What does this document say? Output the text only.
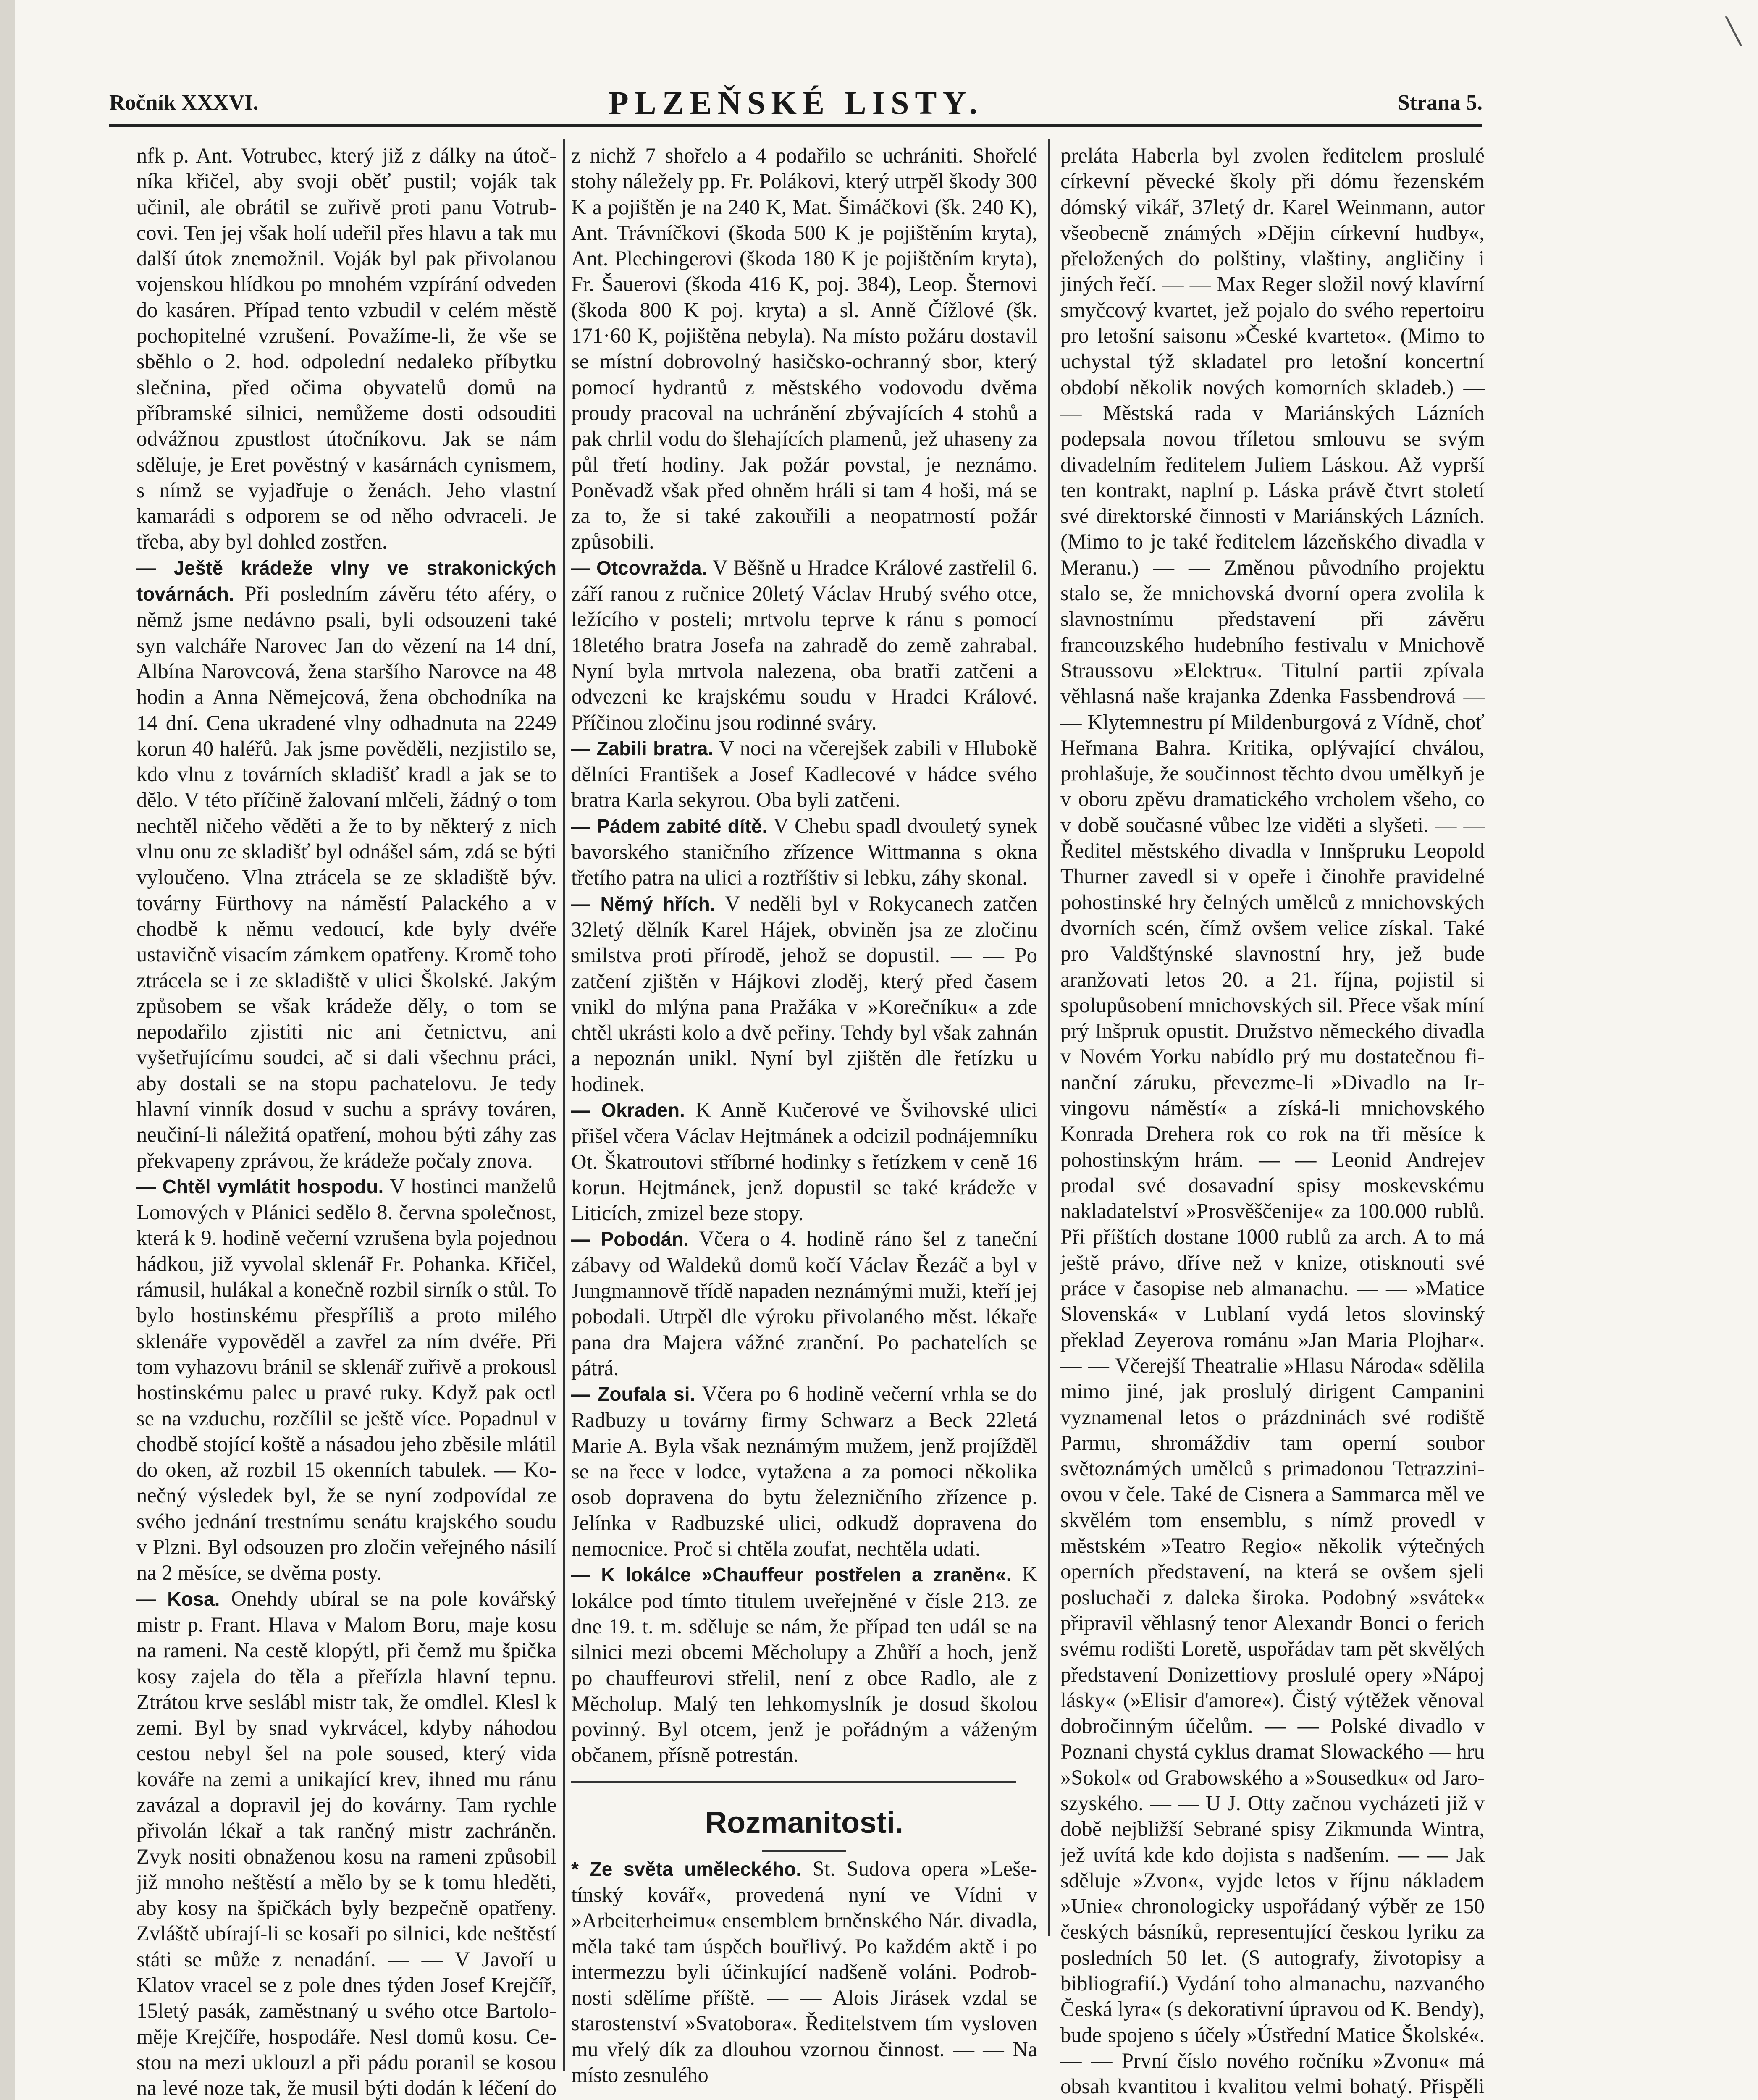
╲
Ročník XXXVI.	PLZEŇSKÉ LISTY.	Strana 5.

nfk p. Ant. Votrubec, který již z dálky na útočníka křičel, aby svoji oběť pustil; voják tak učinil, ale obrátil se zuřivě proti panu Votrubcovi. Ten jej však holí udeřil přes hlavu a tak mu další útok znemožnil. Voják byl pak přivolanou vojenskou hlídkou po mnohém vzpírání odveden do kasáren. Případ tento vzbudil v celém městě pochopitelné vzrušení. Považíme-li, že vše se sběhlo o 2. hod. odpolední nedaleko příbytku slečnina, před očima obyvatelů domů na příbramské silnici, nemůžeme dosti odsouditi odvážnou zpustlost útočníkovu. Jak se nám sděluje, je Eret pověstný v kasárnách cynismem, s nímž se vyjadřuje o ženách. Jeho vlastní kamarádi s odporem se od něho odvraceli. Je třeba, aby byl dohled zostřen.

— Ještě krádeže vlny ve strakonických továrnách. Při posledním závěru této aféry, o němž jsme nedávno psali, byli odsouzeni také syn valcháře Narovec Jan do vězení na 14 dní, Albína Narovcová, žena staršího Narovce na 48 hodin a Anna Němejcová, žena obchodníka na 14 dní. Cena ukradené vlny odhadnuta na 2249 korun 40 haléřů. Jak jsme pověděli, nezjistilo se, kdo vlnu z továrních skladišť kradl a jak se to dělo. V této příčině žalovaní mlčeli, žádný o tom nechtěl ničeho věděti a že to by některý z nich vlnu onu ze skladišť byl odnášel sám, zdá se býti vyloučeno. Vlna ztrácela se ze skladiště býv. továrny Fürthovy na náměstí Palackého a v chodbě k němu vedoucí, kde byly dvéře ustavičně visacím zámkem opatřeny. Kromě toho ztrácela se i ze skladiště v ulici Školské. Jakým způsobem se však krádeže děly, o tom se nepodařilo zjistiti nic ani četnictvu, ani vyšetřujícímu soudci, ač si dali všechnu práci, aby dostali se na stopu pachatelovu. Je tedy hlavní vinník dosud v suchu a správy továren, neučiní-li náležitá opatření, mohou býti záhy zas překvapeny zprávou, že krádeže počaly znova.

— Chtěl vymlátit hospodu. V hostinci manželů Lomových v Plánici sedělo 8. června společnost, která k 9. hodině večerní vzrušena byla pojednou hádkou, již vyvolal sklenář Fr. Pohanka. Křičel, rámusil, hulákal a konečně rozbil sirník o stůl. To bylo hostinskému přespříliš a proto milého sklenáře vypověděl a zavřel za ním dvéře. Při tom vyhazovu bránil se sklenář zuřivě a prokousl hostinskému palec u pravé ruky. Když pak octl se na vzduchu, rozčílil se ještě více. Popadnul v chodbě stojící koště a násadou jeho zběsile mlátil do oken, až rozbil 15 okenních tabulek. — Konečný výsledek byl, že se nyní zodpovídal ze svého jednání trestnímu senátu krajského soudu v Plzni. Byl odsouzen pro zločin veřejného násilí na 2 měsíce, se dvěma posty.

— Kosa. Onehdy ubíral se na pole kovářský mistr p. Frant. Hlava v Malom Boru, maje kosu na rameni. Na cestě klopýtl, při čemž mu špička kosy zajela do těla a přeřízla hlavní tepnu. Ztrátou krve seslábl mistr tak, že omdlel. Klesl k zemi. Byl by snad vykrvácel, kdyby náhodou cestou nebyl šel na pole soused, který vida kováře na zemi a unikající krev, ihned mu ránu zavázal a dopravil jej do kovárny. Tam rychle přivolán lékař a tak raněný mistr zachráněn. Zvyk nositi obnaženou kosu na rameni způsobil již mnoho neštěstí a mělo by se k tomu hleděti, aby kosy na špičkách byly bezpečně opatřeny. Zvláště ubírají-li se kosaři po silnici, kde neštěstí státi se může z nenadání. — — V Javoří u Klatov vracel se z pole dnes týden Josef Krejčíř, 15letý pasák, zaměstnaný u svého otce Bartoloměje Krejčíře, hospodáře. Nesl domů kosu. Cestou na mezi uklouzl a při pádu poranil se kosou na levé noze tak, že musil býti dodán k léčení do

z nichž 7 shořelo a 4 podařilo se uchrániti. Shořelé stohy náležely pp. Fr. Polákovi, který utrpěl škody 300 K a pojištěn je na 240 K, Mat. Šimáčkovi (šk. 240 K), Ant. Trávníčkovi (škoda 500 K je pojištěním kryta), Ant. Plechingerovi (škoda 180 K je pojištěním kryta), Fr. Šauerovi (škoda 416 K, poj. 384), Leop. Šternovi (škoda 800 K poj. kryta) a sl. Anně Čížlové (šk. 171·60 K, pojištěna nebyla). Na místo požáru dostavil se místní dobrovolný hasičsko-ochranný sbor, který pomocí hydrantů z městského vodovodu dvěma proudy pracoval na uchránění zbývajících 4 stohů a pak chrlil vodu do šlehajících plamenů, jež uhaseny za půl třetí hodiny. Jak požár povstal, je neznámo. Poněvadž však před ohněm hráli si tam 4 hoši, má se za to, že si také zakouřili a neopatrností požár způsobili.

— Otcovražda. V Běšně u Hradce Králové zastřelil 6. září ranou z ručnice 20letý Václav Hrubý svého otce, ležícího v posteli; mrtvolu teprve k ránu s pomocí 18letého bratra Josefa na zahradě do země zahrabal. Nyní byla mrtvola nalezena, oba bratři zatčeni a odvezeni ke krajskému soudu v Hradci Králové. Příčinou zločinu jsou rodinné sváry.

— Zabili bratra. V noci na včerejšek zabili v Hlubokě dělníci František a Josef Kadlecové v hádce svého bratra Karla sekyrou. Oba byli zatčeni.

— Pádem zabité dítě. V Chebu spadl dvouletý synek bavorského staničního zřízence Wittmanna s okna třetího patra na ulici a roztříštiv si lebku, záhy skonal.

— Němý hřích. V neděli byl v Rokycanech zatčen 32letý dělník Karel Hájek, obviněn jsa ze zločinu smilstva proti přírodě, jehož se dopustil. — — Po zatčení zjištěn v Hájkovi zloděj, který před časem vnikl do mlýna pana Pražáka v »Korečníku« a zde chtěl ukrásti kolo a dvě peřiny. Tehdy byl však zahnán a nepoznán unikl. Nyní byl zjištěn dle řetízku u hodinek.

— Okraden. K Anně Kučerové ve Švihovské ulici přišel včera Václav Hejtmánek a odcizil podnájemníku Ot. Škatroutovi stříbrné hodinky s řetízkem v ceně 16 korun. Hejtmánek, jenž dopustil se také krádeže v Liticích, zmizel beze stopy.

— Pobodán. Včera o 4. hodině ráno šel z taneční zábavy od Waldeků domů kočí Václav Řezáč a byl v Jungmannově třídě napaden neznámými muži, kteří jej pobodali. Utrpěl dle výroku přivolaného měst. lékaře pana dra Majera vážné zranění. Po pachatelích se pátrá.

— Zoufala si. Včera po 6 hodině večerní vrhla se do Radbuzy u továrny firmy Schwarz a Beck 22letá Marie A. Byla však neznámým mužem, jenž projížděl se na řece v lodce, vytažena a za pomoci několika osob dopravena do bytu železničního zřízence p. Jelínka v Radbuzské ulici, odkudž dopravena do nemocnice. Proč si chtěla zoufat, nechtěla udati.

— K lokálce »Chauffeur postřelen a zraněn«. K lokálce pod tímto titulem uveřejněné v čísle 213. ze dne 19. t. m. sděluje se nám, že případ ten udál se na silnici mezi obcemi Měcholupy a Zhůří a hoch, jenž po chauffeurovi střelil, není z obce Radlo, ale z Měcholup. Malý ten lehkomyslník je dosud školou povinný. Byl otcem, jenž je pořádným a váženým občanem, přísně potrestán.

Rozmanitosti.

* Ze světa uměleckého. St. Sudova opera »Lešetínský kovář«, provedená nyní ve Vídni v »Arbeiterheimu« ensemblem brněnského Nár. divadla, měla také tam úspěch bouřlivý. Po každém aktě i po intermezzu byli účinkující nadšeně voláni. Podrobnosti sdělíme příště. — — Alois Jirásek vzdal se starostenství »Svatobora«. Ředitelstvem tím vysloven mu vřelý dík za dlouhou vzornou činnost. — — Na místo zesnulého

preláta Haberla byl zvolen ředitelem proslulé církevní pěvecké školy při dómu řezenském dómský vikář, 37letý dr. Karel Weinmann, autor všeobecně známých »Dějin církevní hudby«, přeložených do polštiny, vlaštiny, angličiny i jiných řečí. — — Max Reger složil nový klavírní smyčcový kvartet, jež pojalo do svého repertoiru pro letošní saisonu »České kvarteto«. (Mimo to uchystal týž skladatel pro letošní koncertní období několik nových komorních skladeb.) — — Městská rada v Mariánských Lázních podepsala novou tříletou smlouvu se svým divadelním ředitelem Juliem Láskou. Až vyprší ten kontrakt, naplní p. Láska právě čtvrt století své direktorské činnosti v Mariánských Lázních. (Mimo to je také ředitelem lázeňského divadla v Meranu.) — — Změnou původního projektu stalo se, že mnichovská dvorní opera zvolila k slavnostnímu představení při závěru francouzského hudebního festivalu v Mnichově Straussovu »Elektru«. Titulní partii zpívala věhlasná naše krajanka Zdenka Fassbendrová — — Klytemnestru pí Mildenburgová z Vídně, choť Heřmana Bahra. Kritika, oplývající chválou, prohlašuje, že součinnost těchto dvou umělkyň je v oboru zpěvu dramatického vrcholem všeho, co v době současné vůbec lze viděti a slyšeti. — — Ředitel městského divadla v Innšpruku Leopold Thurner zavedl si v opeře i činohře pravidelné pohostinské hry čelných umělců z mnichovských dvorních scén, čímž ovšem velice získal. Také pro Valdštýnské slavnostní hry, jež bude aranžovati letos 20. a 21. října, pojistil si spolupůsobení mnichovských sil. Přece však míní prý Inšpruk opustit. Družstvo německého divadla v Novém Yorku nabídlo prý mu dostatečnou finanční záruku, převezme-li »Divadlo na Irvingovu náměstí« a získá-li mnichovského Konrada Drehera rok co rok na tři měsíce k pohostinským hrám. — — Leonid Andrejev prodal své dosavadní spisy moskevskému nakladatelství »Prosvěščenije« za 100.000 rublů. Při příštích dostane 1000 rublů za arch. A to má ještě právo, dříve než v knize, otisknouti své práce v časopise neb almanachu. — — »Matice Slovenská« v Lublaní vydá letos slovinský překlad Zeyerova románu »Jan Maria Plojhar«. — — Včerejší Theatralie »Hlasu Národa« sdělila mimo jiné, jak proslulý dirigent Campanini vyznamenal letos o prázdninách své rodiště Parmu, shromáždiv tam operní soubor světoznámých umělců s primadonou Tetrazziniovou v čele. Také de Cisnera a Sammarca měl ve skvělém tom ensemblu, s nímž provedl v městském »Teatro Regio« několik výtečných operních představení, na která se ovšem sjeli posluchači z daleka široka. Podobný »svátek« připravil věhlasný tenor Alexandr Bonci o ferich svému rodišti Loretě, uspořádav tam pět skvělých představení Donizettiovy proslulé opery »Nápoj lásky« (»Elisir d'amore«). Čistý výtěžek věnoval dobročinným účelům. — — Polské divadlo v Poznani chystá cyklus dramat Slowackého — hru »Sokol« od Grabowského a »Sousedku« od Jaroszyského. — — U J. Otty začnou vycházeti již v době nejbližší Sebrané spisy Zikmunda Wintra, jež uvítá kde kdo dojista s nadšením. — — Jak sděluje »Zvon«, vyjde letos v říjnu nákladem »Unie« chronologicky uspořádaný výběr ze 150 českých básníků, representující českou lyriku za posledních 50 let. (S autografy, životopisy a bibliografií.) Vydání toho almanachu, nazvaného Česká lyra« (s dekorativní úpravou od K. Bendy), bude spojeno s účely »Ústřední Matice Školské«. — — První číslo nového ročníku »Zvonu« má obsah kvantitou i kvalitou velmi bohatý. Přispěli
